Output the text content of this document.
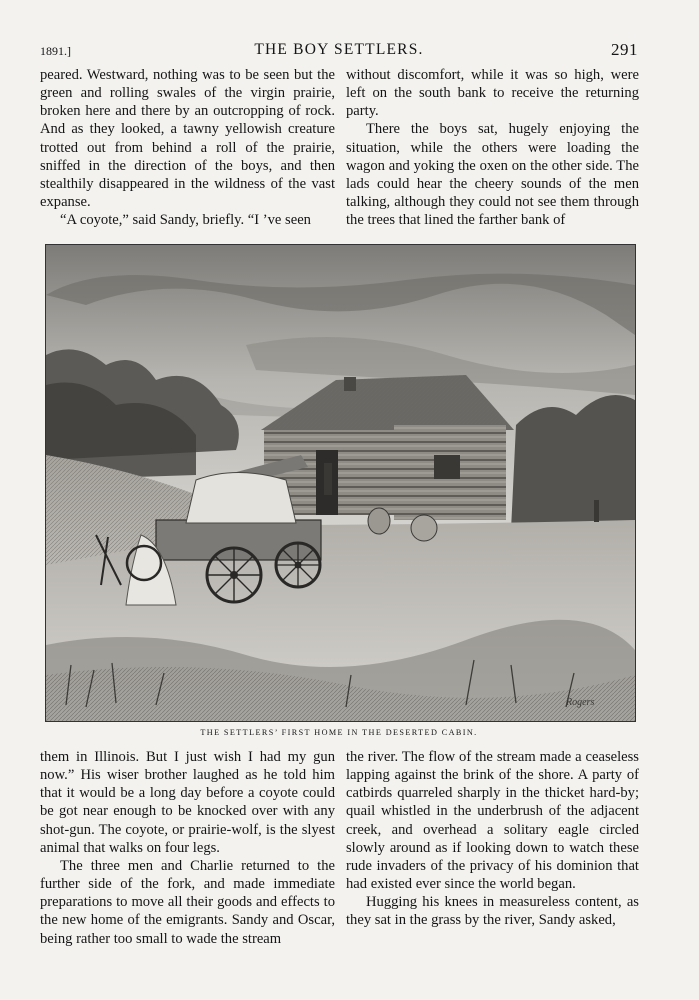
1891.]	THE BOY SETTLERS.	291

peared. Westward, nothing was to be seen but the green and rolling swales of the virgin prairie, broken here and there by an outcropping of rock. And as they looked, a tawny yellowish creature trotted out from behind a roll of the prairie, sniffed in the direction of the boys, and then stealthily disappeared in the wildness of the vast expanse.

“A coyote,” said Sandy, briefly. “I ’ve seen

without discomfort, while it was so high, were left on the south bank to receive the returning party.

There the boys sat, hugely enjoying the situation, while the others were loading the wagon and yoking the oxen on the other side. The lads could hear the cheery sounds of the men talking, although they could not see them through the trees that lined the farther bank of

Rogers
THE SETTLERS’ FIRST HOME IN THE DESERTED CABIN.

them in Illinois. But I just wish I had my gun now.” His wiser brother laughed as he told him that it would be a long day before a coyote could be got near enough to be knocked over with any shot-gun. The coyote, or prairie-wolf, is the slyest animal that walks on four legs.

The three men and Charlie returned to the further side of the fork, and made immediate preparations to move all their goods and effects to the new home of the emigrants. Sandy and Oscar, being rather too small to wade the stream

the river. The flow of the stream made a ceaseless lapping against the brink of the shore. A party of catbirds quarreled sharply in the thicket hard-by; quail whistled in the underbrush of the adjacent creek, and overhead a solitary eagle circled slowly around as if looking down to watch these rude invaders of the privacy of his dominion that had existed ever since the world began.

Hugging his knees in measureless content, as they sat in the grass by the river, Sandy asked,
